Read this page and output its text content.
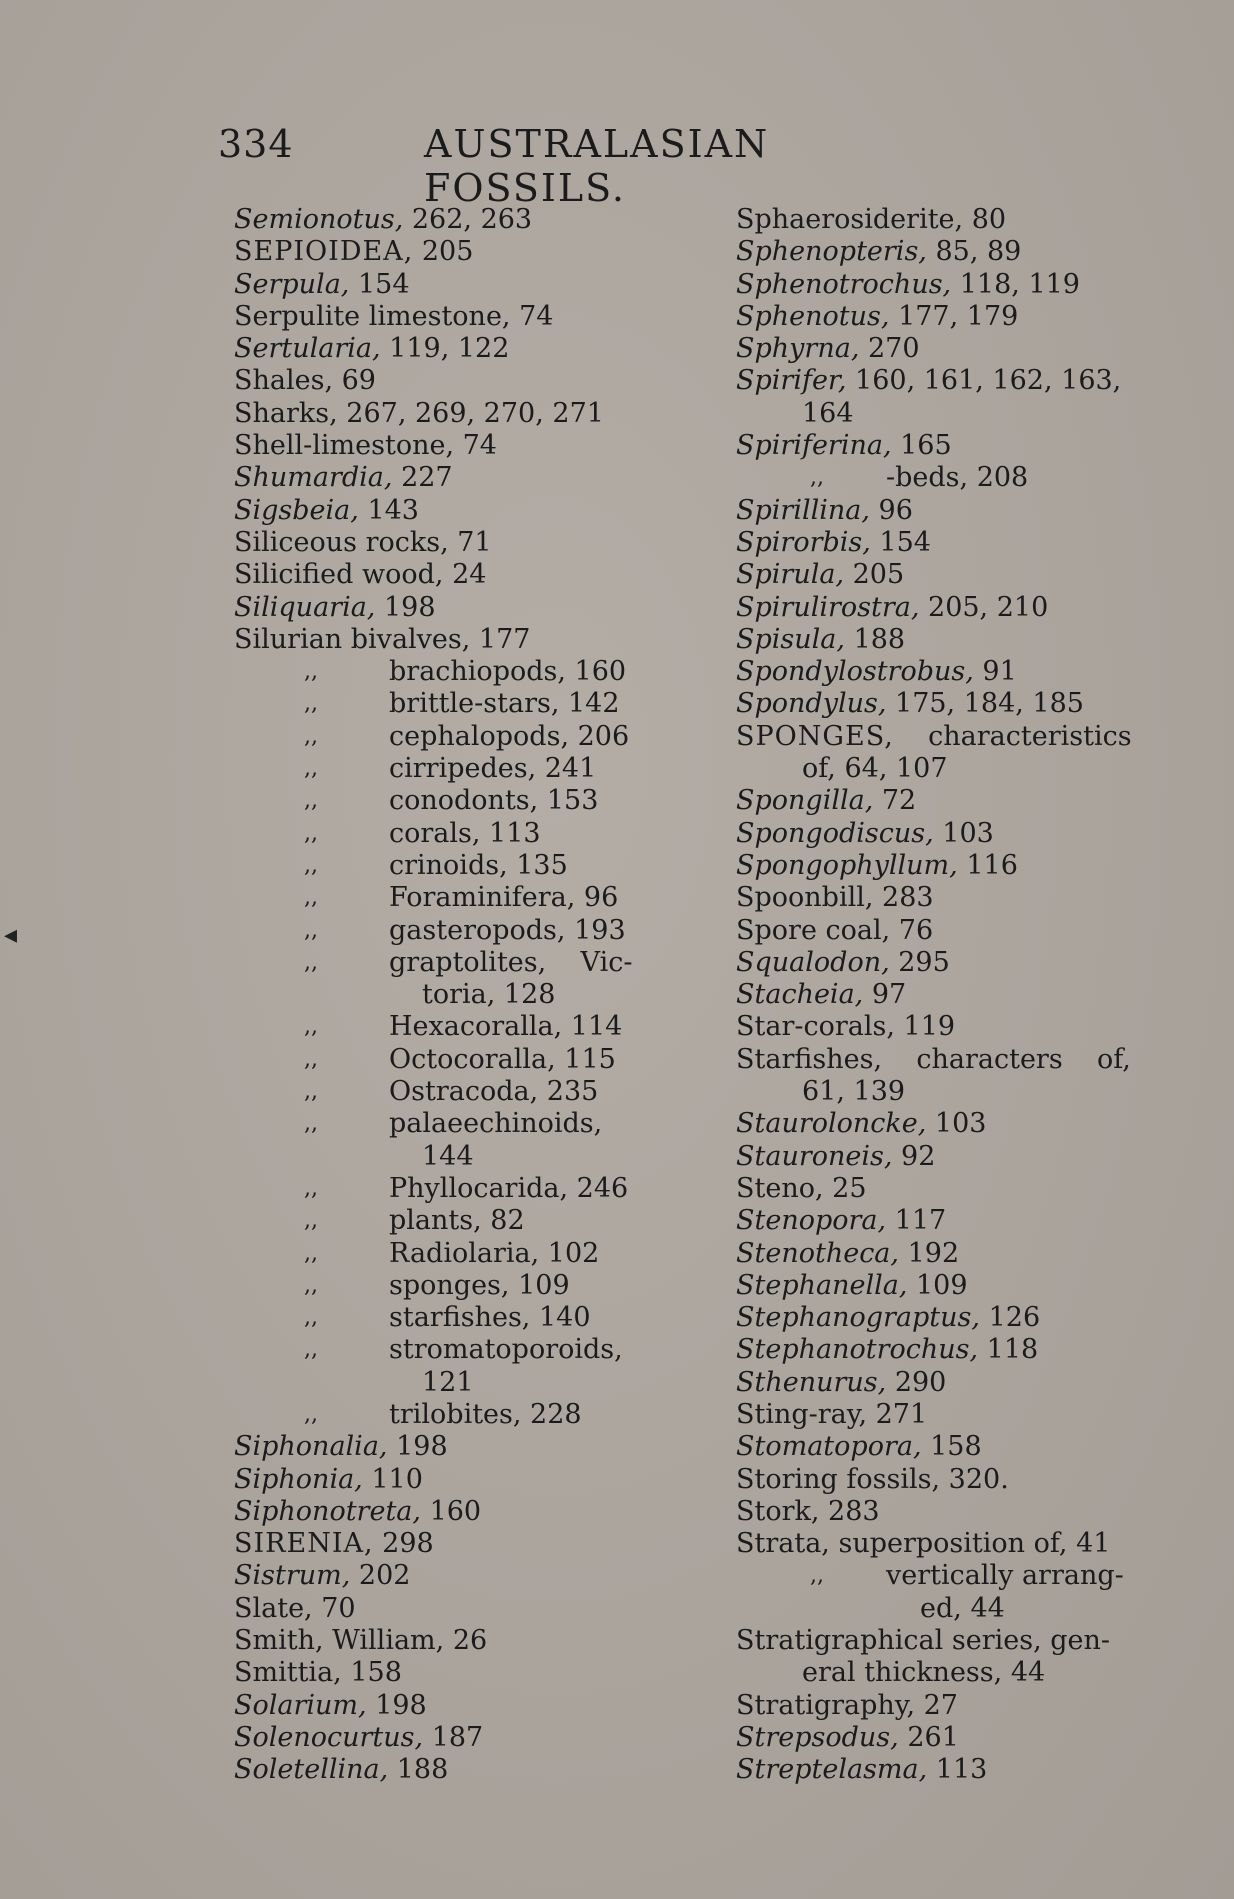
334	AUSTRALASIAN FOSSILS.
Semionotus, 262, 263
SEPIOIDEA, 205
Serpula, 154
Serpulite limestone, 74
Sertularia, 119, 122
Shales, 69
Sharks, 267, 269, 270, 271
Shell-limestone, 74
Shumardia, 227
Sigsbeia, 143
Siliceous rocks, 71
Silicified wood, 24
Siliquaria, 198
Silurian bivalves, 177
,,	brachiopods, 160
,,	brittle-stars, 142
,,	cephalopods, 206
,,	cirripedes, 241
,,	conodonts, 153
,,	corals, 113
,,	crinoids, 135
,,	Foraminifera, 96
,,	gasteropods, 193
,,	graptolites,    Vic-
toria, 128
,,	Hexacoralla, 114
,,	Octocoralla, 115
,,	Ostracoda, 235
,,	palaeechinoids,
144
,,	Phyllocarida, 246
,,	plants, 82
,,	Radiolaria, 102
,,	sponges, 109
,,	starfishes, 140
,,	stromatoporoids,
121
,,	trilobites, 228
Siphonalia, 198
Siphonia, 110
Siphonotreta, 160
SIRENIA, 298
Sistrum, 202
Slate, 70
Smith, William, 26
Smittia, 158
Solarium, 198
Solenocurtus, 187
Soletellina, 188
Sphaerosiderite, 80
Sphenopteris, 85, 89
Sphenotrochus, 118, 119
Sphenotus, 177, 179
Sphyrna, 270
Spirifer, 160, 161, 162, 163,
164
Spiriferina, 165
,, -beds, 208
Spirillina, 96
Spirorbis, 154
Spirula, 205
Spirulirostra, 205, 210
Spisula, 188
Spondylostrobus, 91
Spondylus, 175, 184, 185
SPONGES,    characteristics
of, 64, 107
Spongilla, 72
Spongodiscus, 103
Spongophyllum, 116
Spoonbill, 283
Spore coal, 76
Squalodon, 295
Stacheia, 97
Star-corals, 119
Starfishes,    characters    of,
61, 139
Stauroloncke, 103
Stauroneis, 92
Steno, 25
Stenopora, 117
Stenotheca, 192
Stephanella, 109
Stephanograptus, 126
Stephanotrochus, 118
Sthenurus, 290
Sting-ray, 271
Stomatopora, 158
Storing fossils, 320.
Stork, 283
Strata, superposition of, 41
,, vertically arrang-
ed, 44
Stratigraphical series, gen-
eral thickness, 44
Stratigraphy, 27
Strepsodus, 261
Streptelasma, 113
◂
